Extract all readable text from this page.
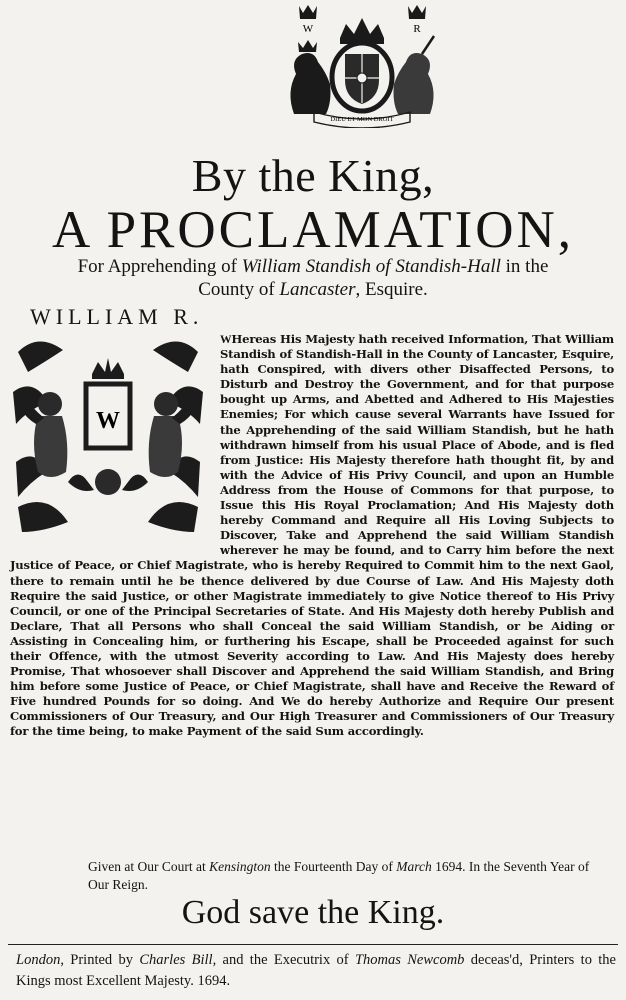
W	R
DIEU ET MON DROIT
By the King,
A PROCLAMATION,
For Apprehending of William Standish of Standish-Hall in the
County of Lancaster, Esquire.
WILLIAM R.
W
WHereas His Majesty hath received Information, That William Standish of Standish-Hall in the County of Lancaster, Esquire, hath Conspired, with divers other Disaffected Persons, to Disturb and Destroy the Government, and for that purpose bought up Arms, and Abetted and Adhered to His Majesties Enemies; For which cause several Warrants have Issued for the Apprehending of the said William Standish, but he hath withdrawn himself from his usual Place of Abode, and is fled from Justice: His Majesty therefore hath thought fit, by and with the Advice of His Privy Council, and upon an Humble Address from the House of Commons for that purpose, to Issue this His Royal Proclamation; And His Majesty doth hereby Command and Require all His Loving Subjects to Discover, Take and Apprehend the said William Standish wherever he may be found, and to Carry him before the next Justice of Peace, or Chief Magistrate, who is hereby Required to Commit him to the next Gaol, there to remain until he be thence delivered by due Course of Law. And His Majesty doth Require the said Justice, or other Magistrate immediately to give Notice thereof to His Privy Council, or one of the Principal Secretaries of State. And His Majesty doth hereby Publish and Declare, That all Persons who shall Conceal the said William Standish, or be Aiding or Assisting in Concealing him, or furthering his Escape, shall be Proceeded against for such their Offence, with the utmost Severity according to Law. And His Majesty does hereby Promise, That whosoever shall Discover and Apprehend the said William Standish, and Bring him before some Justice of Peace, or Chief Magistrate, shall have and Receive the Reward of Five hundred Pounds for so doing. And We do hereby Authorize and Require Our present Commissioners of Our Treasury, and Our High Treasurer and Commissioners of Our Treasury for the time being, to make Payment of the said Sum accordingly.
Given at Our Court at Kensington the Fourteenth Day of March 1694. In the Seventh Year of Our Reign.
God save the King.
London, Printed by Charles Bill, and the Executrix of Thomas Newcomb deceas'd, Printers to the Kings most Excellent Majesty. 1694.
